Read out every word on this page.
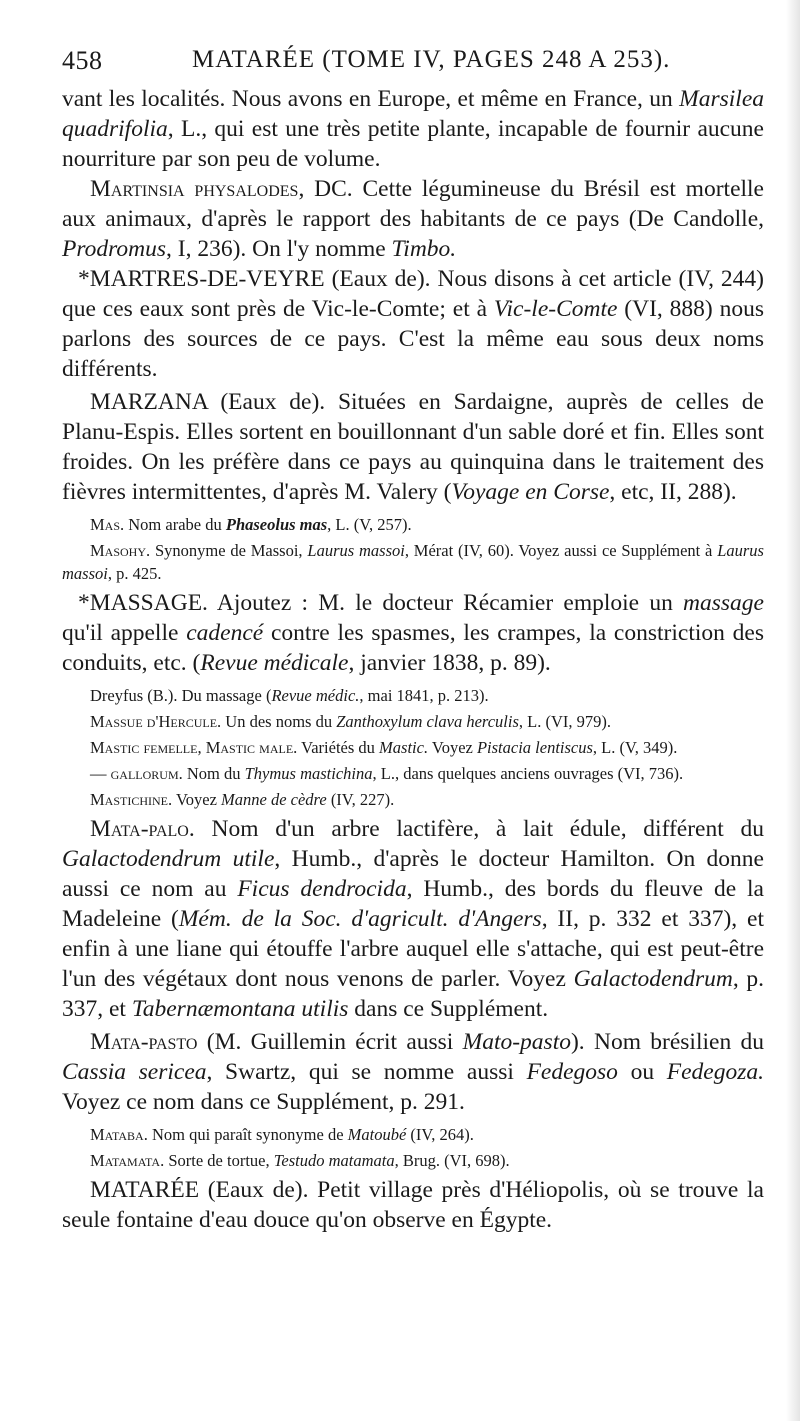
458	MATARÉE (TOME IV, PAGES 248 A 253).

vant les localités. Nous avons en Europe, et même en France, un Marsilea quadrifolia, L., qui est une très petite plante, incapable de fournir aucune nourriture par son peu de volume.

Martinsia physalodes, DC. Cette légumineuse du Brésil est mortelle aux animaux, d'après le rapport des habitants de ce pays (De Candolle, Prodromus, I, 236). On l'y nomme Timbo.

*MARTRES-DE-VEYRE (Eaux de). Nous disons à cet article (IV, 244) que ces eaux sont près de Vic-le-Comte; et à Vic-le-Comte (VI, 888) nous parlons des sources de ce pays. C'est la même eau sous deux noms différents.

MARZANA (Eaux de). Situées en Sardaigne, auprès de celles de Planu-Espis. Elles sortent en bouillonnant d'un sable doré et fin. Elles sont froides. On les préfère dans ce pays au quinquina dans le traitement des fièvres intermittentes, d'après M. Valery (Voyage en Corse, etc, II, 288).

Mas. Nom arabe du Phaseolus mas, L. (V, 257).

Masohy. Synonyme de Massoi, Laurus massoi, Mérat (IV, 60). Voyez aussi ce Supplément à Laurus massoi, p. 425.

*MASSAGE. Ajoutez : M. le docteur Récamier emploie un massage qu'il appelle cadencé contre les spasmes, les crampes, la constriction des conduits, etc. (Revue médicale, janvier 1838, p. 89).

Dreyfus (B.). Du massage (Revue médic., mai 1841, p. 213).

Massue d'Hercule. Un des noms du Zanthoxylum clava herculis, L. (VI, 979).

Mastic femelle, Mastic male. Variétés du Mastic. Voyez Pistacia lentiscus, L. (V, 349).

— gallorum. Nom du Thymus mastichina, L., dans quelques anciens ouvrages (VI, 736).

Mastichine. Voyez Manne de cèdre (IV, 227).

Mata-palo. Nom d'un arbre lactifère, à lait édule, différent du Galactodendrum utile, Humb., d'après le docteur Hamilton. On donne aussi ce nom au Ficus dendrocida, Humb., des bords du fleuve de la Madeleine (Mém. de la Soc. d'agricult. d'Angers, II, p. 332 et 337), et enfin à une liane qui étouffe l'arbre auquel elle s'attache, qui est peut-être l'un des végétaux dont nous venons de parler. Voyez Galactodendrum, p. 337, et Tabernæmontana utilis dans ce Supplément.

Mata-pasto (M. Guillemin écrit aussi Mato-pasto). Nom brésilien du Cassia sericea, Swartz, qui se nomme aussi Fedegoso ou Fedegoza. Voyez ce nom dans ce Supplément, p. 291.

Mataba. Nom qui paraît synonyme de Matoubé (IV, 264).

Matamata. Sorte de tortue, Testudo matamata, Brug. (VI, 698).

MATARÉE (Eaux de). Petit village près d'Héliopolis, où se trouve la seule fontaine d'eau douce qu'on observe en Égypte.
